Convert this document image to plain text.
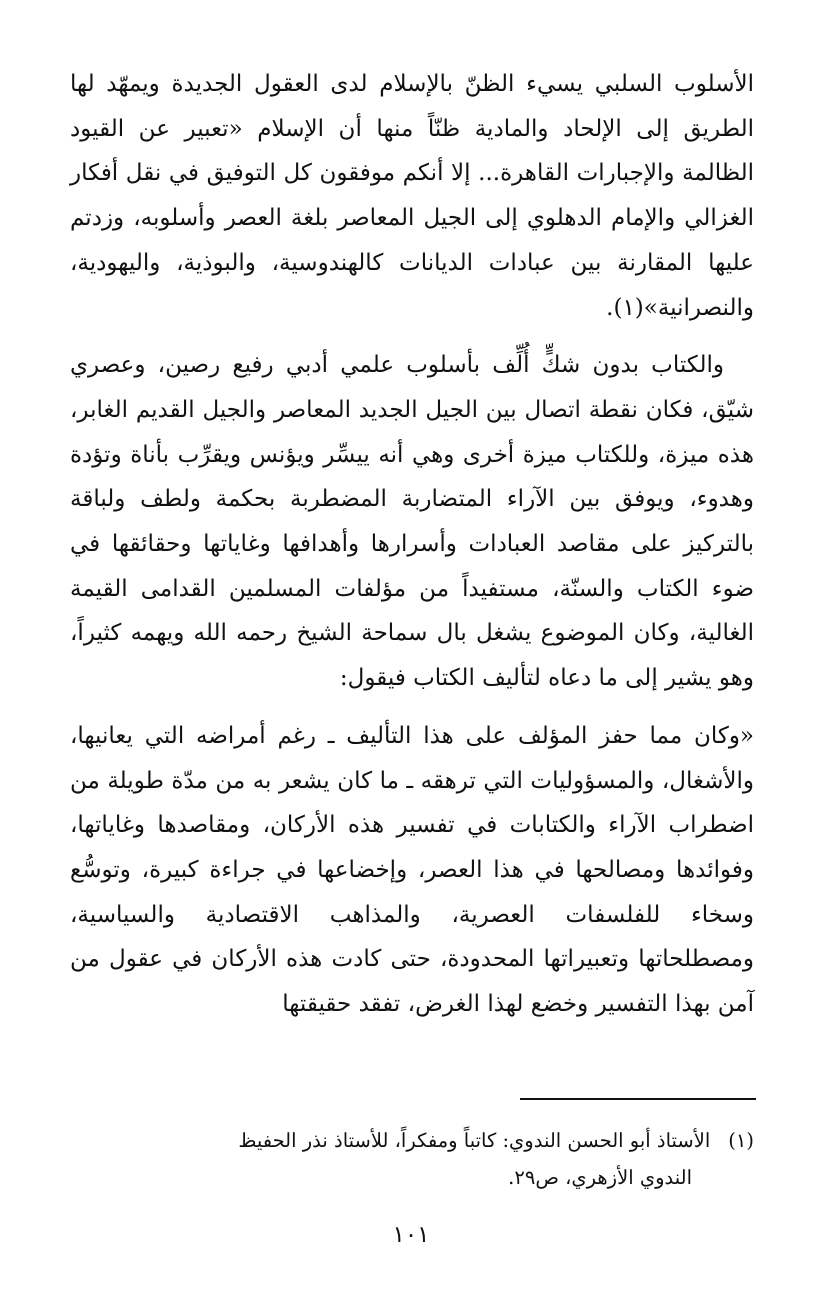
الأسلوب السلبي يسيء الظنّ بالإسلام لدى العقول الجديدة ويمهّد لها الطريق إلى الإلحاد والمادية ظنّاً منها أن الإسلام «تعبير عن القيود الظالمة والإجبارات القاهرة... إلا أنكم موفقون كل التوفيق في نقل أفكار الغزالي والإمام الدهلوي إلى الجيل المعاصر بلغة العصر وأسلوبه، وزدتم عليها المقارنة بين عبادات الديانات كالهندوسية، والبوذية، واليهودية، والنصرانية»(١).

والكتاب بدون شكٍّ أُلِّف بأسلوب علمي أدبي رفيع رصين، وعصري شيّق، فكان نقطة اتصال بين الجيل الجديد المعاصر والجيل القديم الغابر، هذه ميزة، وللكتاب ميزة أخرى وهي أنه ييسِّر ويؤنس ويقرِّب بأناة وتؤدة وهدوء، ويوفق بين الآراء المتضاربة المضطربة بحكمة ولطف ولباقة بالتركيز على مقاصد العبادات وأسرارها وأهدافها وغاياتها وحقائقها في ضوء الكتاب والسنّة، مستفيداً من مؤلفات المسلمين القدامى القيمة الغالية، وكان الموضوع يشغل بال سماحة الشيخ رحمه الله ويهمه كثيراً، وهو يشير إلى ما دعاه لتأليف الكتاب فيقول:

«وكان مما حفز المؤلف على هذا التأليف ـ رغم أمراضه التي يعانيها، والأشغال، والمسؤوليات التي ترهقه ـ ما كان يشعر به من مدّة طويلة من اضطراب الآراء والكتابات في تفسير هذه الأركان، ومقاصدها وغاياتها، وفوائدها ومصالحها في هذا العصر، وإخضاعها في جراءة كبيرة، وتوسُّع وسخاء للفلسفات العصرية، والمذاهب الاقتصادية والسياسية، ومصطلحاتها وتعبيراتها المحدودة، حتى كادت هذه الأركان في عقول من آمن بهذا التفسير وخضع لهذا الغرض، تفقد حقيقتها

(١)الأستاذ أبو الحسن الندوي: كاتباً ومفكراً، للأستاذ نذر الحفيظ
الندوي الأزهري، ص٢٩.
١٠١
